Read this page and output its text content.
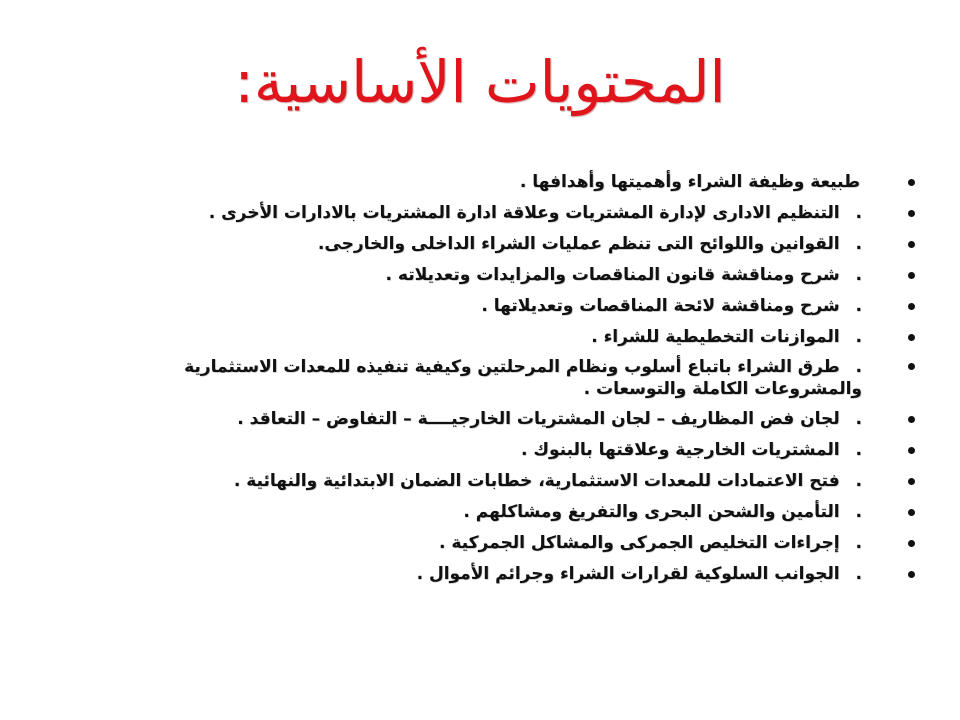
المحتويات الأساسية:
طبيعة وظيفة الشراء وأهميتها وأهدافها .
. التنظيم الادارى لإدارة المشتريات وعلاقة ادارة المشتريات بالادارات الأخرى .
. القوانين واللوائح التى تنظم عمليات الشراء الداخلى والخارجى.
. شرح ومناقشة قانون المناقصات والمزايدات وتعديلاته .
. شرح ومناقشة لائحة المناقصات وتعديلاتها .
. الموازنات التخطيطية للشراء .
. طرق الشراء باتباع أسلوب ونظام المرحلتين وكيفية تنفيذه للمعدات الاستثمارية والمشروعات الكاملة والتوسعات .
. لجان فض المظاريف – لجان المشتريات الخارجيــــة – التفاوض – التعاقد .
. المشتريات الخارجية وعلاقتها بالبنوك .
. فتح الاعتمادات للمعدات الاستثمارية، خطابات الضمان الابتدائية والنهائية .
. التأمين والشحن البحرى والتفريغ ومشاكلهم .
. إجراءات التخليص الجمركى والمشاكل الجمركية .
. الجوانب السلوكية لقرارات الشراء وجرائم الأموال .
